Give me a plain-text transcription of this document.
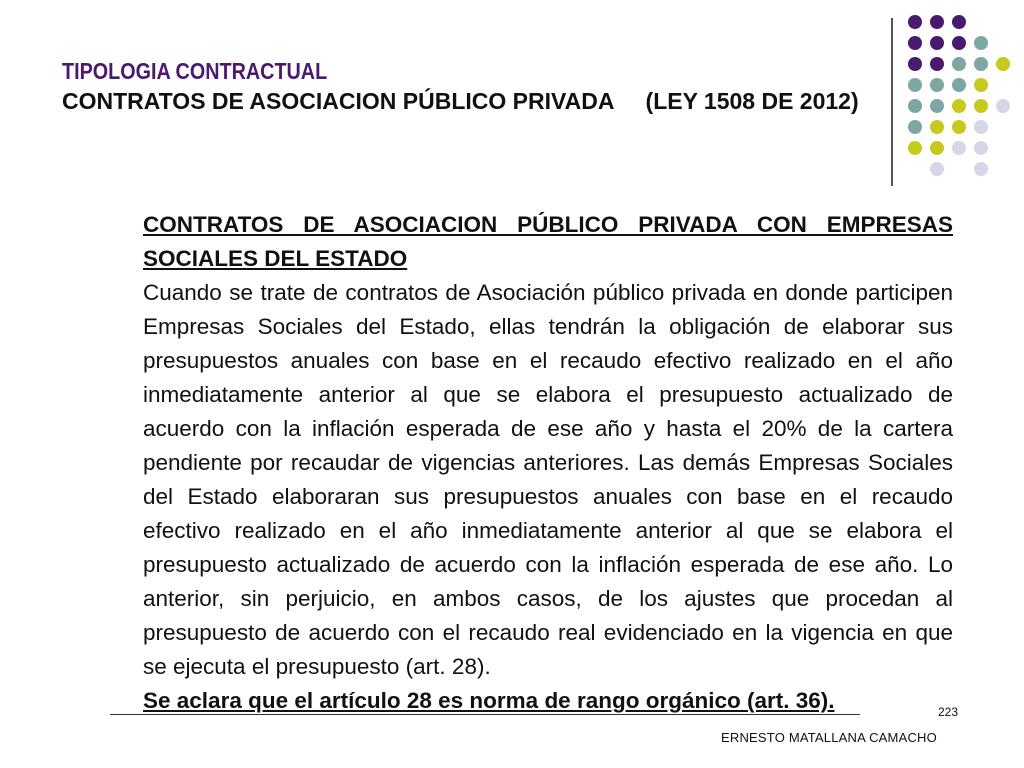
TIPOLOGIA CONTRACTUAL
CONTRATOS DE ASOCIACION PÚBLICO PRIVADA     (LEY 1508 DE 2012)

CONTRATOS DE ASOCIACION PÚBLICO PRIVADA CON EMPRESAS SOCIALES DEL ESTADO

Cuando se trate de contratos de Asociación público privada en donde participen Empresas Sociales del Estado, ellas tendrán la obligación de elaborar sus presupuestos anuales con base en el recaudo efectivo realizado en el año inmediatamente anterior al que se elabora el presupuesto actualizado de acuerdo con la inflación esperada de ese año y hasta el 20% de la cartera pendiente por recaudar de vigencias anteriores. Las demás Empresas Sociales del Estado elaboraran sus presupuestos anuales con base en el recaudo efectivo realizado en el año inmediatamente anterior al que se elabora el presupuesto actualizado de acuerdo con la inflación esperada de ese año. Lo anterior, sin perjuicio, en ambos casos, de los ajustes que procedan al presupuesto de acuerdo con el recaudo real evidenciado en la vigencia en que se ejecuta el presupuesto (art. 28).

Se aclara que el artículo 28 es norma de rango orgánico (art. 36).	223
ERNESTO MATALLANA CAMACHO
